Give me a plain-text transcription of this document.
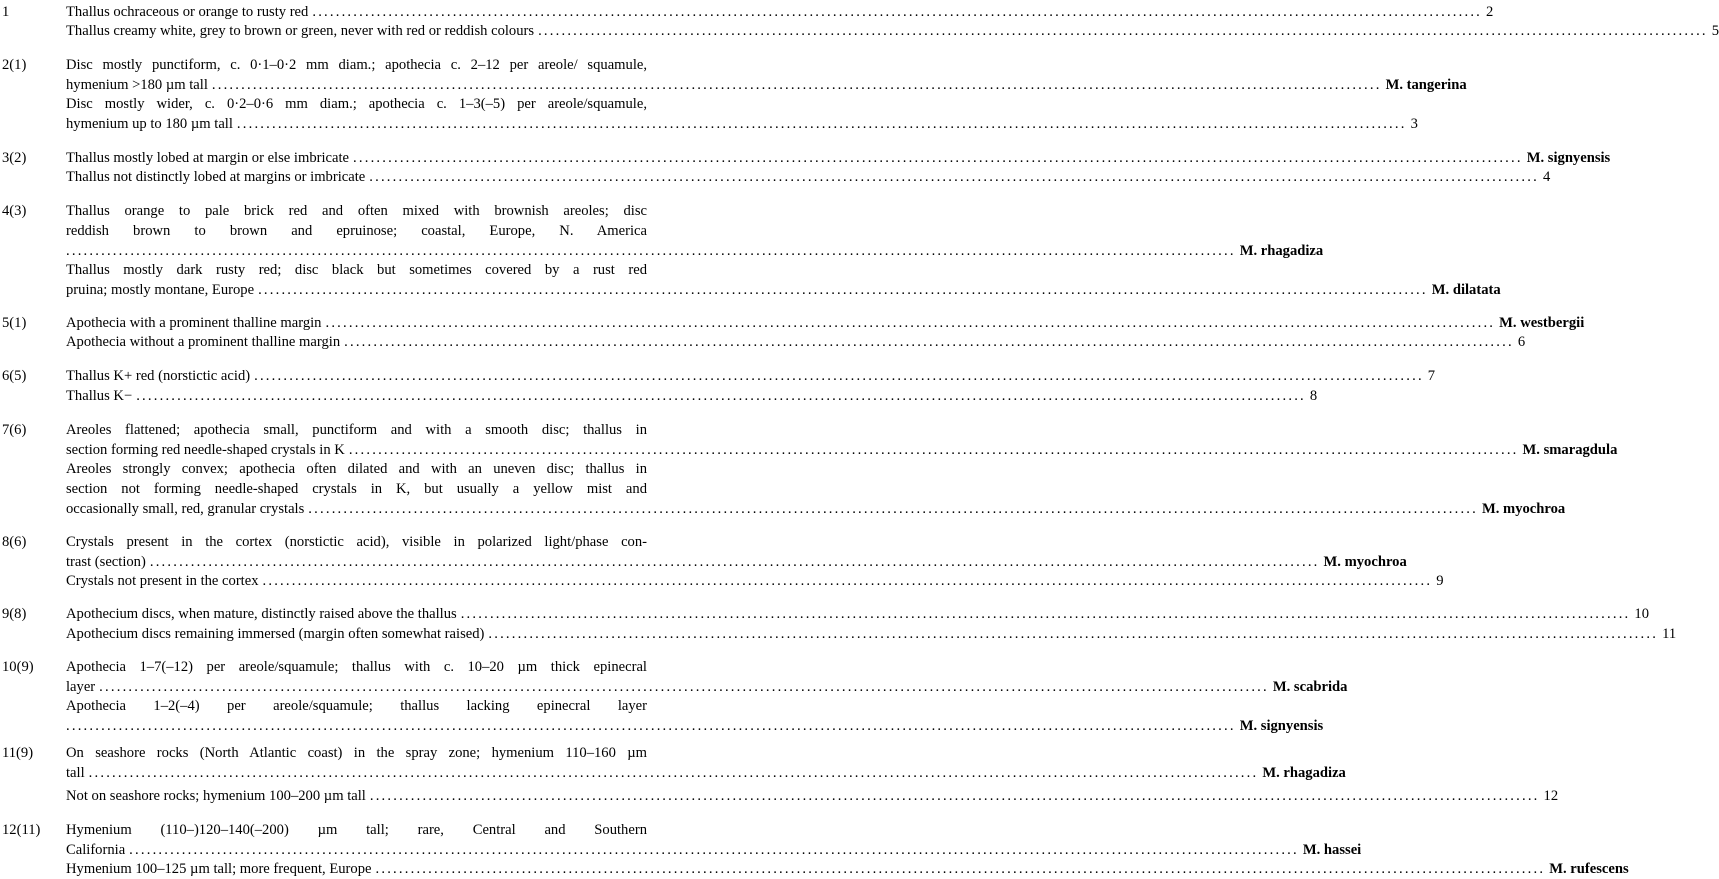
1	Thallus ochraceous or orange to rusty red ........................................................................................................................................................................................................ 2
Thallus creamy white, grey to brown or green, never with red or reddish colours ........................................................................................................................................................................................................ 5
2(1)	Disc mostly punctiform, c. 0·1–0·2 mm diam.; apothecia c. 2–12 per areole/ squamule,
hymenium >180 µm tall ........................................................................................................................................................................................................ M. tangerina
Disc mostly wider, c. 0·2–0·6 mm diam.; apothecia c. 1–3(–5) per areole/squamule,
hymenium up to 180 µm tall ........................................................................................................................................................................................................ 3
3(2)	Thallus mostly lobed at margin or else imbricate ........................................................................................................................................................................................................ M. signyensis
Thallus not distinctly lobed at margins or imbricate ........................................................................................................................................................................................................ 4
4(3)	Thallus orange to pale brick red and often mixed with brownish areoles; disc
reddish brown to brown and epruinose; coastal, Europe, N. America
........................................................................................................................................................................................................ M. rhagadiza
Thallus mostly dark rusty red; disc black but sometimes covered by a rust red
pruina; mostly montane, Europe ........................................................................................................................................................................................................ M. dilatata
5(1)	Apothecia with a prominent thalline margin ........................................................................................................................................................................................................ M. westbergii
Apothecia without a prominent thalline margin ........................................................................................................................................................................................................ 6
6(5)	Thallus K+ red (norstictic acid) ........................................................................................................................................................................................................ 7
Thallus K− ........................................................................................................................................................................................................ 8
7(6)	Areoles flattened; apothecia small, punctiform and with a smooth disc; thallus in
section forming red needle-shaped crystals in K ........................................................................................................................................................................................................ M. smaragdula
Areoles strongly convex; apothecia often dilated and with an uneven disc; thallus in
section not forming needle-shaped crystals in K, but usually a yellow mist and
occasionally small, red, granular crystals ........................................................................................................................................................................................................ M. myochroa
8(6)	Crystals present in the cortex (norstictic acid), visible in polarized light/phase con-
trast (section) ........................................................................................................................................................................................................ M. myochroa
Crystals not present in the cortex ........................................................................................................................................................................................................ 9
9(8)	Apothecium discs, when mature, distinctly raised above the thallus ........................................................................................................................................................................................................ 10
Apothecium discs remaining immersed (margin often somewhat raised) ........................................................................................................................................................................................................ 11
10(9) Apothecia 1–7(–12) per areole/squamule; thallus with c. 10–20 µm thick epinecral
layer ........................................................................................................................................................................................................ M. scabrida
Apothecia 1–2(–4) per areole/squamule; thallus lacking epinecral layer
........................................................................................................................................................................................................ M. signyensis
11(9) On seashore rocks (North Atlantic coast) in the spray zone; hymenium 110–160 µm
tall ........................................................................................................................................................................................................ M. rhagadiza
Not on seashore rocks; hymenium 100–200 µm tall ........................................................................................................................................................................................................ 12
12(11) Hymenium (110–)120–140(–200) µm tall; rare, Central and Southern
California ........................................................................................................................................................................................................ M. hassei
Hymenium 100–125 µm tall; more frequent, Europe ........................................................................................................................................................................................................ M. rufescens
